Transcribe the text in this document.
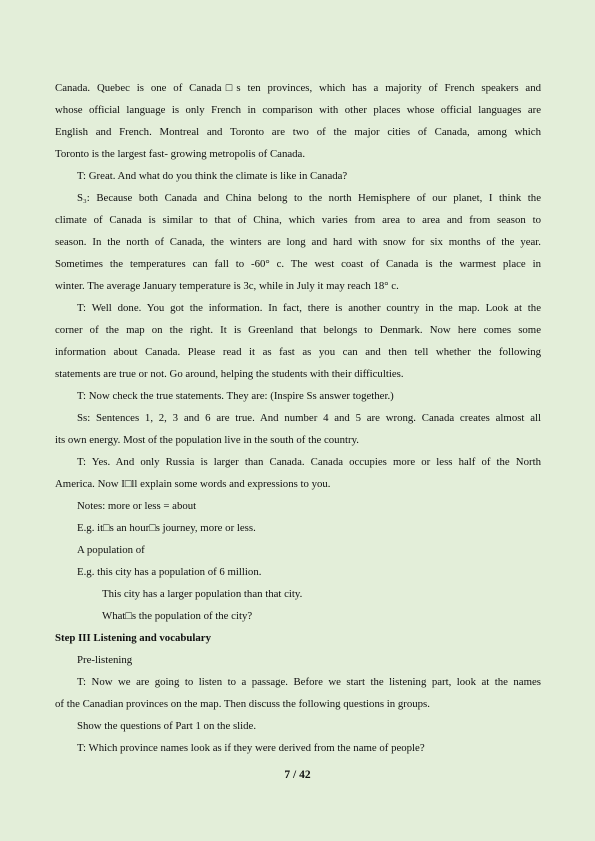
Canada. Quebec is one of Canada□s ten provinces, which has a majority of French speakers and
whose official language is only French in comparison with other places whose official languages are
English and French. Montreal and Toronto are two of the major cities of Canada, among which
Toronto is the largest fast- growing metropolis of Canada.
T: Great. And what do you think the climate is like in Canada?
S₃: Because both Canada and China belong to the north Hemisphere of our planet, I think the
climate of Canada is similar to that of China, which varies from area to area and from season to
season. In the north of Canada, the winters are long and hard with snow for six months of the year.
Sometimes the temperatures can fall to -60° c. The west coast of Canada is the warmest place in
winter. The average January temperature is 3c, while in July it may reach 18° c.
T: Well done. You got the information. In fact, there is another country in the map. Look at the
corner of the map on the right. It is Greenland that belongs to Denmark. Now here comes some
information about Canada. Please read it as fast as you can and then tell whether the following
statements are true or not. Go around, helping the students with their difficulties.
T: Now check the true statements. They are: (Inspire Ss answer together.)
Ss: Sentences 1, 2, 3 and 6 are true. And number 4 and 5 are wrong. Canada creates almost all
its own energy. Most of the population live in the south of the country.
T: Yes. And only Russia is larger than Canada. Canada occupies more or less half of the North
America. Now I□ll explain some words and expressions to you.
Notes: more or less = about
E.g. it□s an hour□s journey, more or less.
A population of
E.g. this city has a population of 6 million.
This city has a larger population than that city.
What□s the population of the city?
Step III Listening and vocabulary
Pre-listening
T: Now we are going to listen to a passage. Before we start the listening part, look at the names
of the Canadian provinces on the map. Then discuss the following questions in groups.
Show the questions of Part 1 on the slide.
T: Which province names look as if they were derived from the name of people?
7 / 42
